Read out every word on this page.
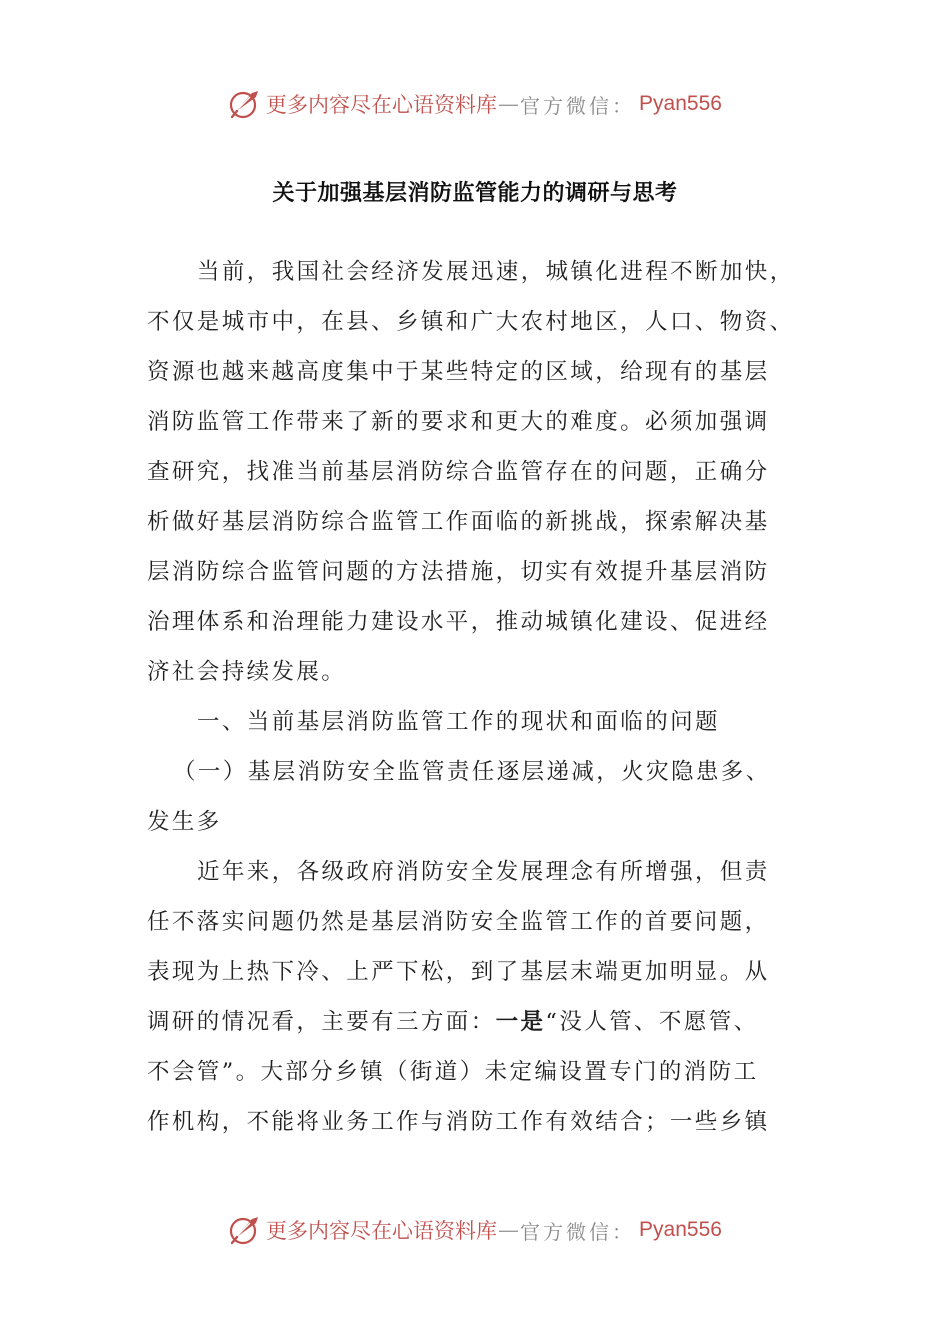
更多内容尽在心语资料库 — 官方微信： Pyan556
关于加强基层消防监管能力的调研与思考
当前，我国社会经济发展迅速，城镇化进程不断加快，
不仅是城市中，在县、乡镇和广大农村地区，人口、物资、
资源也越来越高度集中于某些特定的区域，给现有的基层
消防监管工作带来了新的要求和更大的难度。必须加强调
查研究，找准当前基层消防综合监管存在的问题，正确分
析做好基层消防综合监管工作面临的新挑战，探索解决基
层消防综合监管问题的方法措施，切实有效提升基层消防
治理体系和治理能力建设水平，推动城镇化建设、促进经
济社会持续发展。
一、当前基层消防监管工作的现状和面临的问题
（一）基层消防安全监管责任逐层递减，火灾隐患多、
发生多
近年来，各级政府消防安全发展理念有所增强，但责
任不落实问题仍然是基层消防安全监管工作的首要问题，
表现为上热下冷、上严下松，到了基层末端更加明显。从
调研的情况看，主要有三方面：一是“没人管、不愿管、
不会管”。大部分乡镇（街道）未定编设置专门的消防工
作机构，不能将业务工作与消防工作有效结合；一些乡镇
更多内容尽在心语资料库 — 官方微信： Pyan556
